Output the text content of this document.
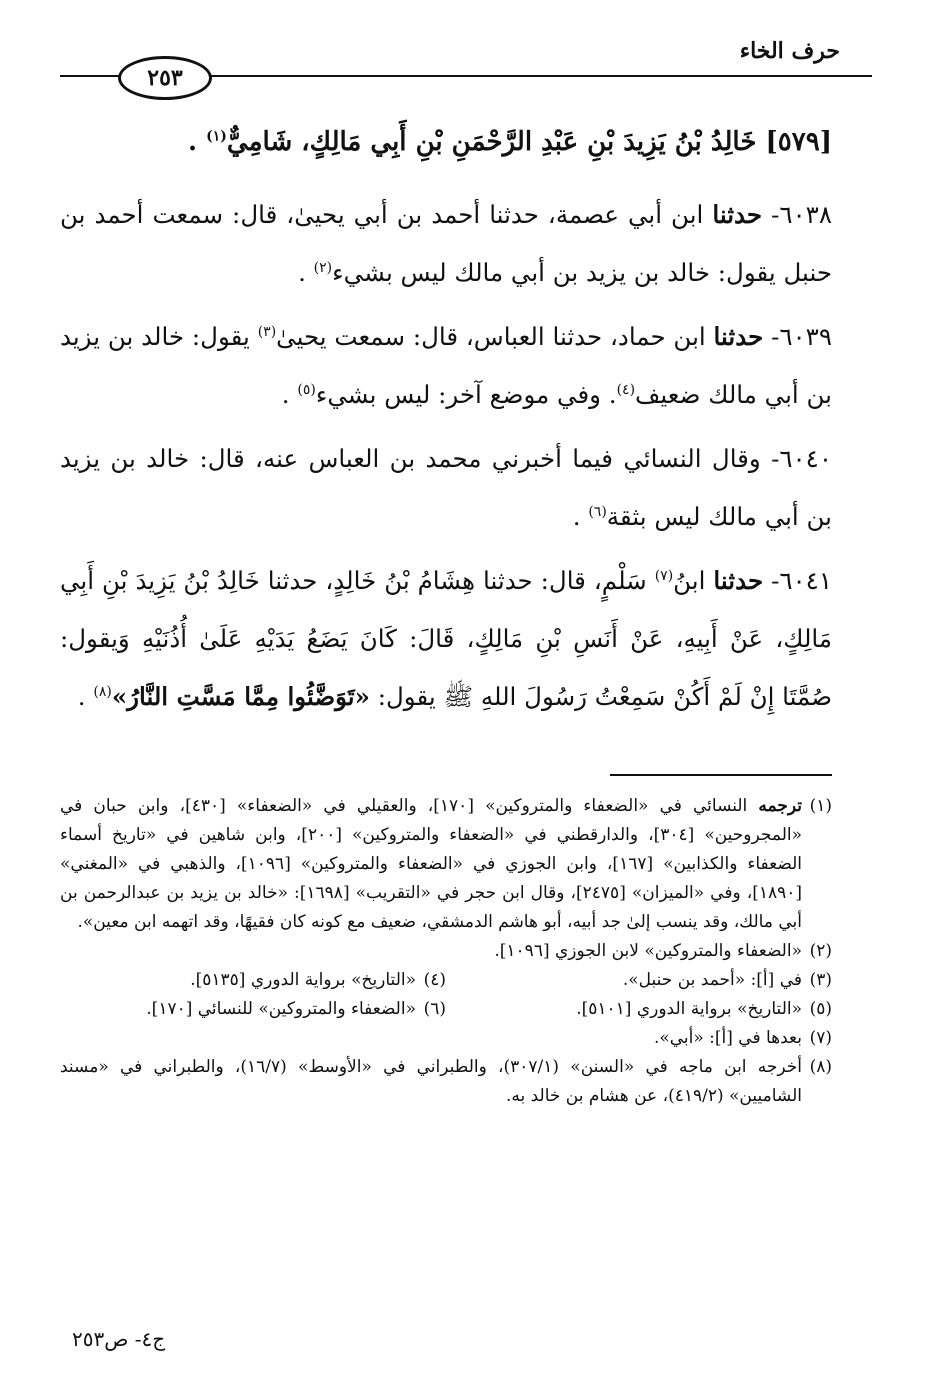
حرف الخاء
٢٥٣
[٥٧٩] خَالِدُ بْنُ يَزِيدَ بْنِ عَبْدِ الرَّحْمَنِ بْنِ أَبِي مَالِكٍ، شَامِيٌّ$^{(١)}$ .
٦٠٣٨- حدثنا ابن أبي عصمة، حدثنا أحمد بن أبي يحيىٰ، قال: سمعت أحمد بن حنبل يقول: خالد بن يزيد بن أبي مالك ليس بشيء$^{(٢)}$ .
٦٠٣٩- حدثنا ابن حماد، حدثنا العباس، قال: سمعت يحيىٰ$^{(٣)}$ يقول: خالد بن يزيد بن أبي مالك ضعيف$^{(٤)}$. وفي موضع آخر: ليس بشيء$^{(٥)}$ .
٦٠٤٠- وقال النسائي فيما أخبرني محمد بن العباس عنه، قال: خالد بن يزيد بن أبي مالك ليس بثقة$^{(٦)}$ .
٦٠٤١- حدثنا ابنُ$^{(٧)}$ سَلْمٍ، قال: حدثنا هِشَامُ بْنُ خَالِدٍ، حدثنا خَالِدُ بْنُ يَزِيدَ بْنِ أَبِي مَالِكٍ، عَنْ أَبِيهِ، عَنْ أَنَسِ بْنِ مَالِكٍ، قَالَ: كَانَ يَضَعُ يَدَيْهِ عَلَىٰ أُذُنَيْهِ وَيقول: صُمَّتَا إِنْ لَمْ أَكُنْ سَمِعْتُ رَسُولَ اللهِ ﷺ يقول: «تَوَضَّئُوا مِمَّا مَسَّتِ النَّارُ»$^{(٨)}$ .
(١)
ترجمه النسائي في «الضعفاء والمتروكين» [١٧٠]، والعقيلي في «الضعفاء» [٤٣٠]، وابن حبان في «المجروحين» [٣٠٤]، والدارقطني في «الضعفاء والمتروكين» [٢٠٠]، وابن شاهين في «تاريخ أسماء الضعفاء والكذابين» [١٦٧]، وابن الجوزي في «الضعفاء والمتروكين» [١٠٩٦]، والذهبي في «المغني» [١٨٩٠]، وفي «الميزان» [٢٤٧٥]، وقال ابن حجر في «التقريب» [١٦٩٨]: «خالد بن يزيد بن عبدالرحمن بن أبي مالك، وقد ينسب إلىٰ جد أبيه، أبو هاشم الدمشقي، ضعيف مع كونه كان فقيهًا، وقد اتهمه ابن معين».
(٢)
«الضعفاء والمتروكين» لابن الجوزي [١٠٩٦].
(٣)
في [أ]: «أحمد بن حنبل».
(٤)
«التاريخ» برواية الدوري [٥١٣٥].
(٥)
«التاريخ» برواية الدوري [٥١٠١].
(٦)
«الضعفاء والمتروكين» للنسائي [١٧٠].
(٧)
بعدها في [أ]: «أبي».
(٨)
أخرجه ابن ماجه في «السنن» (٣٠٧/١)، والطبراني في «الأوسط» (١٦/٧)، والطبراني في «مسند الشاميين» (٤١٩/٢)، عن هشام بن خالد به.
ج٤- ص٢٥٣
